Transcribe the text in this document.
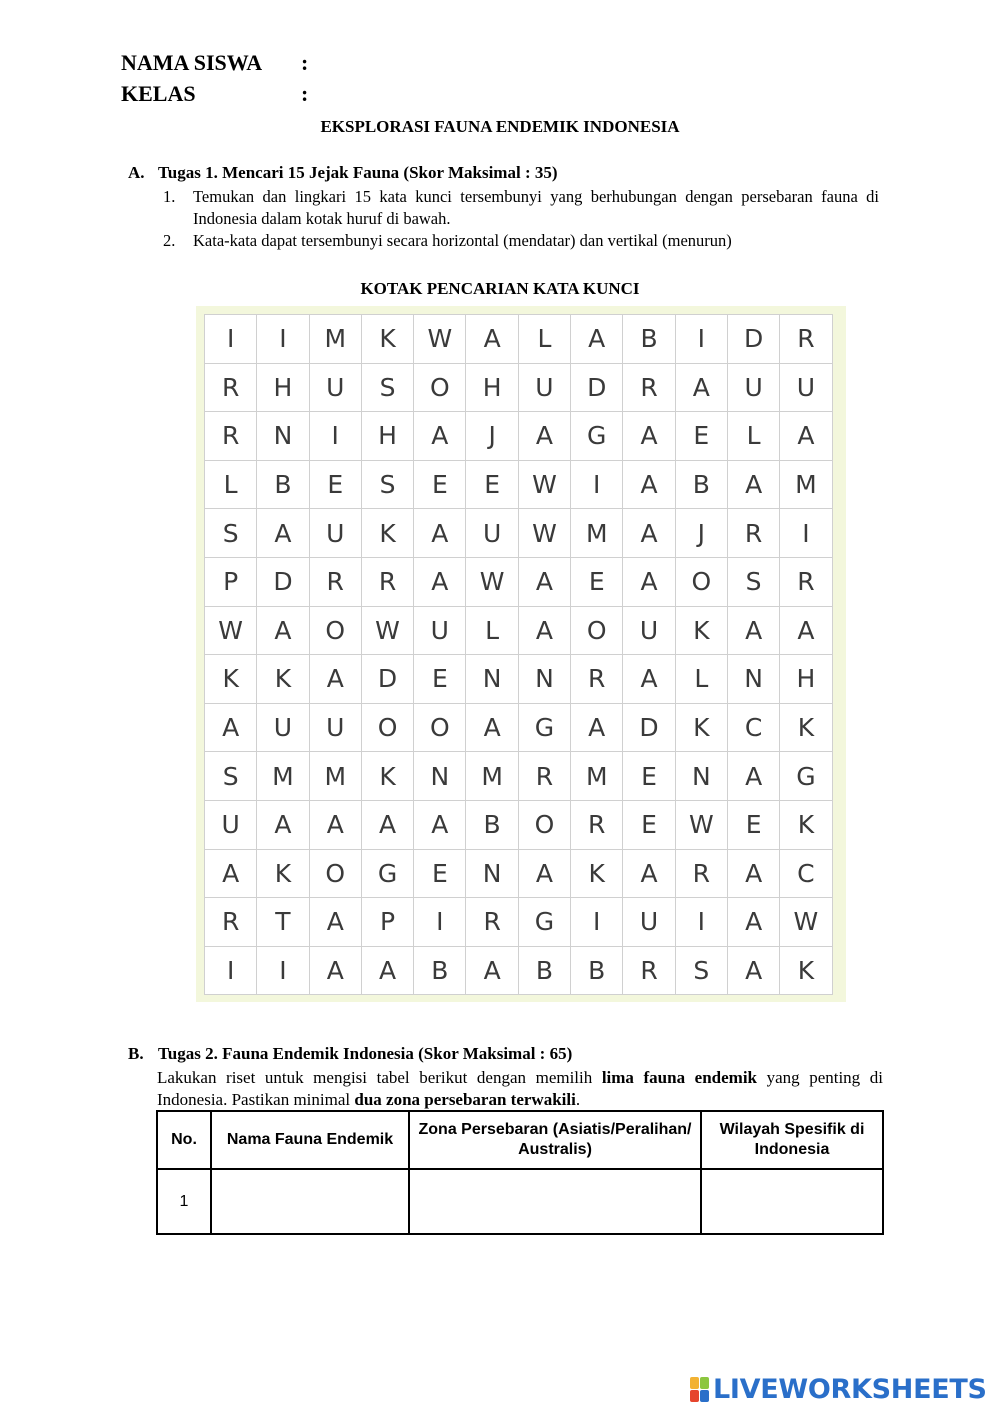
NAMA SISWA	:
KELAS	:
EKSPLORASI FAUNA ENDEMIK INDONESIA
A. Tugas 1. Mencari 15 Jejak Fauna (Skor Maksimal : 35)
1.	Temukan dan lingkari 15 kata kunci tersembunyi yang berhubungan dengan persebaran fauna di Indonesia dalam kotak huruf di bawah.
2.	Kata-kata dapat tersembunyi secara horizontal (mendatar) dan vertikal (menurun)
KOTAK PENCARIAN KATA KUNCI
I	I	M	K	W	A	L	A	B	I	D	R
R	H	U	S	O	H	U	D	R	A	U	U
R	N	I	H	A	J	A	G	A	E	L	A
L	B	E	S	E	E	W	I	A	B	A	M
S	A	U	K	A	U	W	M	A	J	R	I
P	D	R	R	A	W	A	E	A	O	S	R
W	A	O	W	U	L	A	O	U	K	A	A
K	K	A	D	E	N	N	R	A	L	N	H
A	U	U	O	O	A	G	A	D	K	C	K
S	M	M	K	N	M	R	M	E	N	A	G
U	A	A	A	A	B	O	R	E	W	E	K
A	K	O	G	E	N	A	K	A	R	A	C
R	T	A	P	I	R	G	I	U	I	A	W
I	I	A	A	B	A	B	B	R	S	A	K
B. Tugas 2. Fauna Endemik Indonesia (Skor Maksimal : 65)
Lakukan riset untuk mengisi tabel berikut dengan memilih lima fauna endemik yang penting di Indonesia. Pastikan minimal dua zona persebaran terwakili.
No.	Nama Fauna Endemik	Zona Persebaran (Asiatis/Peralihan/ Australis)	Wilayah Spesifik di Indonesia
1			
LIVEWORKSHEETS
